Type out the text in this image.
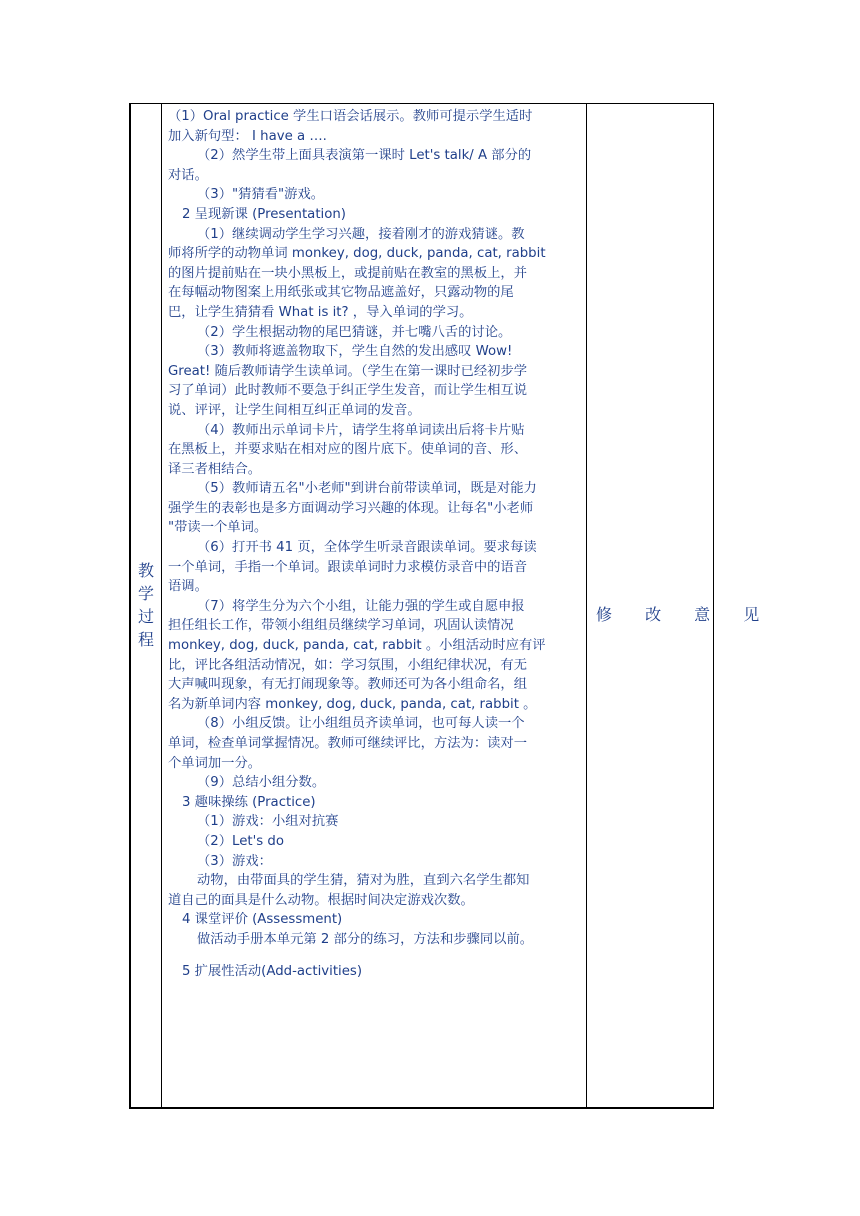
教
学
过
程

（1）Oral practice 学生口语会话展示。教师可提示学生适时

加入新句型： I have a ….

（2）然学生带上面具表演第一课时 Let's talk/ A 部分的

对话。

（3）"猜猜看"游戏。

2 呈现新课 (Presentation)

（1）继续调动学生学习兴趣，接着刚才的游戏猜谜。教

师将所学的动物单词 monkey, dog, duck, panda, cat, rabbit

的图片提前贴在一块小黑板上，或提前贴在教室的黑板上，并

在每幅动物图案上用纸张或其它物品遮盖好，只露动物的尾

巴，让学生猜猜看 What is it? ，导入单词的学习。

（2）学生根据动物的尾巴猜谜，并七嘴八舌的讨论。

（3）教师将遮盖物取下，学生自然的发出感叹 Wow!

Great! 随后教师请学生读单词。（学生在第一课时已经初步学

习了单词）此时教师不要急于纠正学生发音，而让学生相互说

说、评评，让学生间相互纠正单词的发音。

（4）教师出示单词卡片，请学生将单词读出后将卡片贴

在黑板上，并要求贴在相对应的图片底下。使单词的音、形、

译三者相结合。

（5）教师请五名"小老师"到讲台前带读单词，既是对能力

强学生的表彰也是多方面调动学习兴趣的体现。让每名"小老师

"带读一个单词。

（6）打开书 41 页，全体学生听录音跟读单词。要求每读

一个单词，手指一个单词。跟读单词时力求模仿录音中的语音

语调。

（7）将学生分为六个小组，让能力强的学生或自愿申报

担任组长工作，带领小组组员继续学习单词，巩固认读情况

monkey, dog, duck, panda, cat, rabbit 。小组活动时应有评

比，评比各组活动情况，如：学习氛围，小组纪律状况，有无

大声喊叫现象，有无打闹现象等。教师还可为各小组命名，组

名为新单词内容 monkey, dog, duck, panda, cat, rabbit 。

（8）小组反馈。让小组组员齐读单词，也可每人读一个

单词，检查单词掌握情况。教师可继续评比，方法为：读对一

个单词加一分。

（9）总结小组分数。

3 趣味操练 (Practice)

（1）游戏：小组对抗赛

（2）Let's do

（3）游戏：

动物，由带面具的学生猜，猜对为胜，直到六名学生都知

道自己的面具是什么动物。根据时间决定游戏次数。

4 课堂评价 (Assessment)

做活动手册本单元第 2 部分的练习，方法和步骤同以前。

5 扩展性活动(Add-activities)

修 改 意 见
